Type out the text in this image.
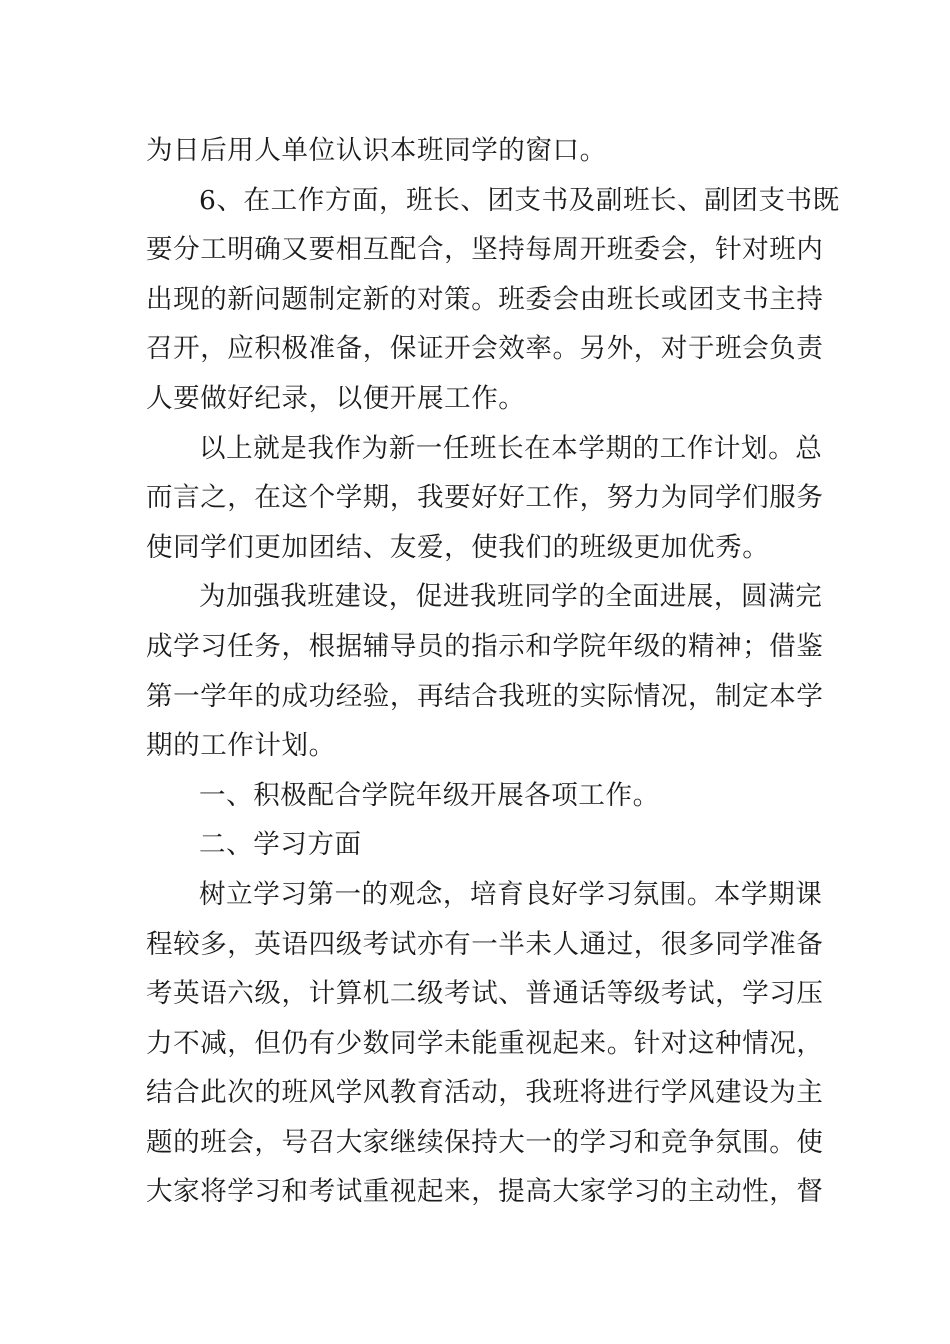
为日后用人单位认识本班同学的窗口。
6、在工作方面，班长、团支书及副班长、副团支书既
要分工明确又要相互配合，坚持每周开班委会，针对班内
出现的新问题制定新的对策。班委会由班长或团支书主持
召开，应积极准备，保证开会效率。另外，对于班会负责
人要做好纪录，以便开展工作。
以上就是我作为新一任班长在本学期的工作计划。总
而言之，在这个学期，我要好好工作，努力为同学们服务
使同学们更加团结、友爱，使我们的班级更加优秀。
为加强我班建设，促进我班同学的全面进展，圆满完
成学习任务，根据辅导员的指示和学院年级的精神；借鉴
第一学年的成功经验，再结合我班的实际情况，制定本学
期的工作计划。
一、积极配合学院年级开展各项工作。
二、学习方面
树立学习第一的观念，培育良好学习氛围。本学期课
程较多，英语四级考试亦有一半未人通过，很多同学准备
考英语六级，计算机二级考试、普通话等级考试，学习压
力不减，但仍有少数同学未能重视起来。针对这种情况，
结合此次的班风学风教育活动，我班将进行学风建设为主
题的班会，号召大家继续保持大一的学习和竞争氛围。使
大家将学习和考试重视起来，提高大家学习的主动性，督
